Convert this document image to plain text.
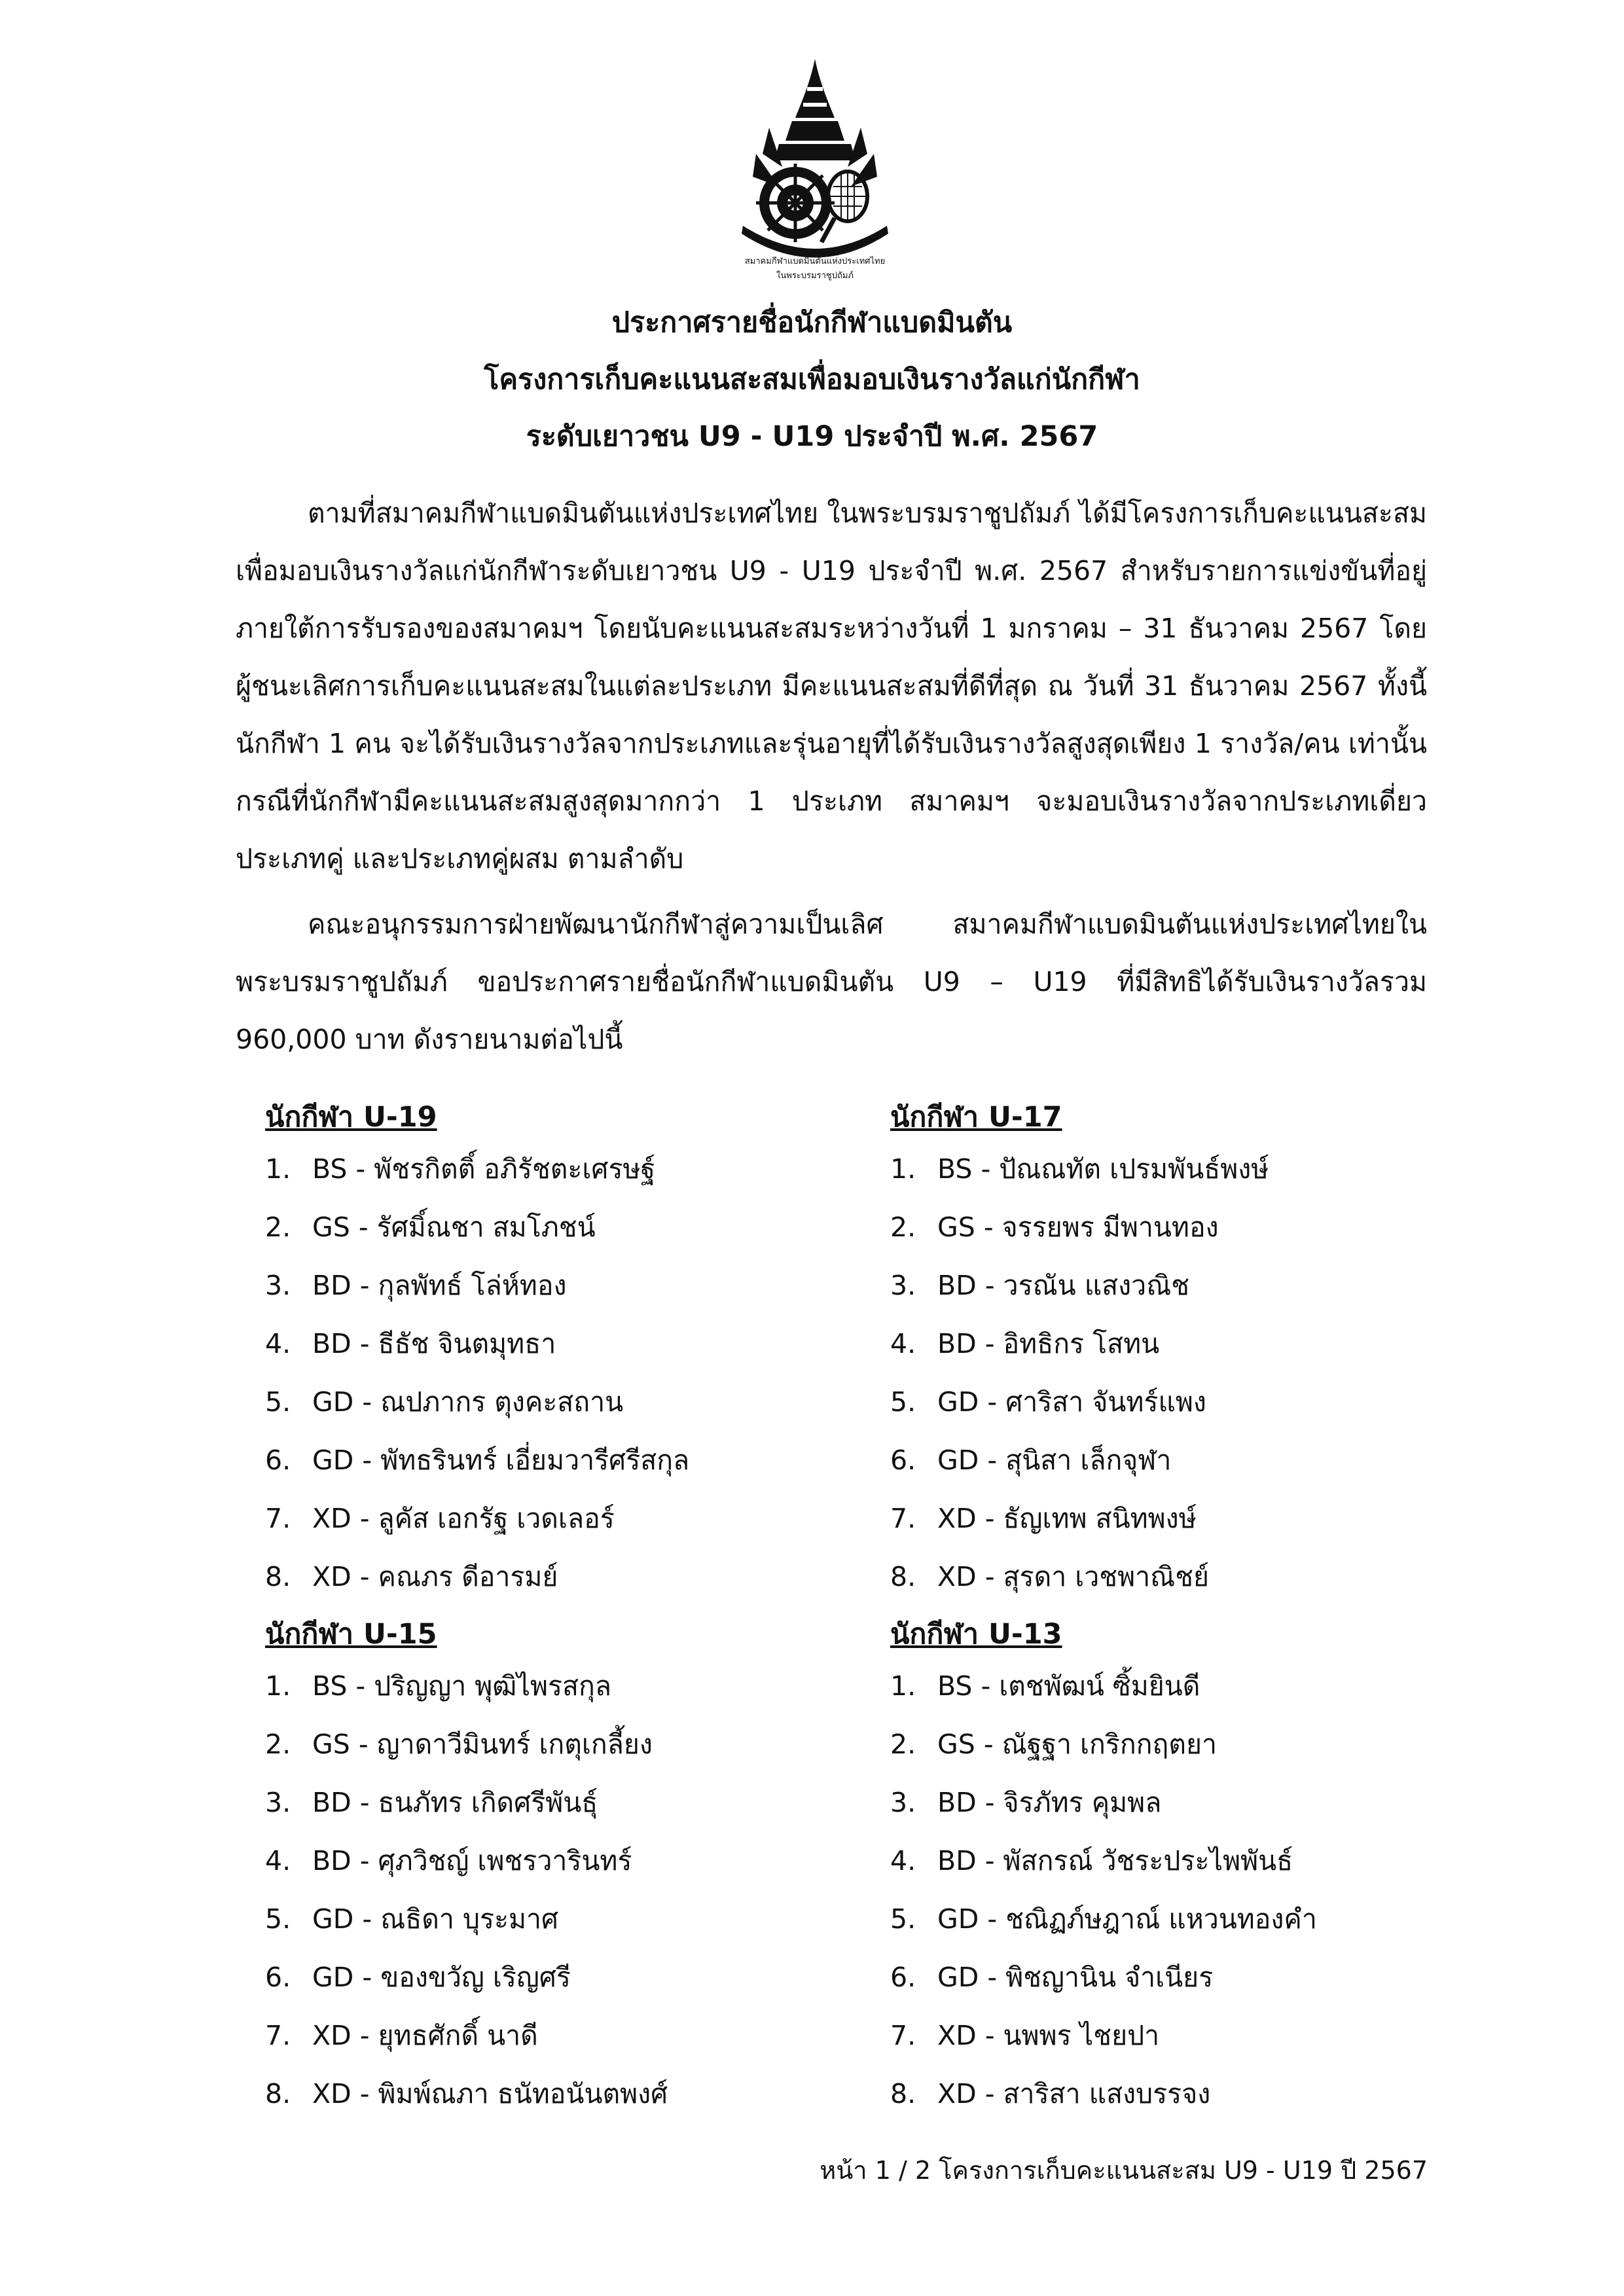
สมาคมกีฬาแบดมินตันแห่งประเทศไทย
ในพระบรมราชูปถัมภ์
ประกาศรายชื่อนักกีฬาแบดมินตัน
โครงการเก็บคะแนนสะสมเพื่อมอบเงินรางวัลแก่นักกีฬา
ระดับเยาวชน U9 - U19 ประจำปี พ.ศ. 2567

ตามที่สมาคมกีฬาแบดมินตันแห่งประเทศไทย ในพระบรมราชูปถัมภ์ ได้มีโครงการเก็บคะแนนสะสมเพื่อมอบเงินรางวัลแก่นักกีฬาระดับเยาวชน U9 - U19 ประจำปี พ.ศ. 2567 สำหรับรายการแข่งขันที่อยู่ภายใต้การรับรองของสมาคมฯ โดยนับคะแนนสะสมระหว่างวันที่ 1 มกราคม – 31 ธันวาคม 2567 โดย ผู้ชนะเลิศการเก็บคะแนนสะสมในแต่ละประเภท มีคะแนนสะสมที่ดีที่สุด ณ วันที่ 31 ธันวาคม 2567 ทั้งนี้ นักกีฬา 1 คน จะได้รับเงินรางวัลจากประเภทและรุ่นอายุที่ได้รับเงินรางวัลสูงสุดเพียง 1 รางวัล/คน เท่านั้น กรณีที่นักกีฬามีคะแนนสะสมสูงสุดมากกว่า 1 ประเภท สมาคมฯ จะมอบเงินรางวัลจากประเภทเดี่ยว ประเภทคู่ และประเภทคู่ผสม ตามลำดับ

คณะอนุกรรมการฝ่ายพัฒนานักกีฬาสู่ความเป็นเลิศ สมาคมกีฬาแบดมินตันแห่งประเทศไทยในพระบรมราชูปถัมภ์ ขอประกาศรายชื่อนักกีฬาแบดมินตัน U9 – U19 ที่มีสิทธิได้รับเงินรางวัลรวม 960,000 บาท ดังรายนามต่อไปนี้

นักกีฬา U-19
1. BS - พัชรกิตติ์ อภิรัชตะเศรษฐ์
2. GS - รัศมิ์ณชา สมโภชน์
3. BD - กุลพัทธ์ โล่ห์ทอง
4. BD - ธีธัช จินตมุทธา
5. GD - ณปภากร ตุงคะสถาน
6. GD - พัทธรินทร์ เอี่ยมวารีศรีสกุล
7. XD - ลูคัส เอกรัฐ เวดเลอร์
8. XD - คณภร ดีอารมย์
นักกีฬา U-17
1. BS - ปัณณทัต เปรมพันธ์พงษ์
2. GS - จรรยพร มีพานทอง
3. BD - วรณัน แสงวณิช
4. BD - อิทธิกร โสทน
5. GD - ศาริสา จันทร์แพง
6. GD - สุนิสา เล็กจุฬา
7. XD - ธัญเทพ สนิทพงษ์
8. XD - สุรดา เวชพาณิชย์
นักกีฬา U-15
1. BS - ปริญญา พุฒิไพรสกุล
2. GS - ญาดาวีมินทร์ เกตุเกลี้ยง
3. BD - ธนภัทร เกิดศรีพันธุ์
4. BD - ศุภวิชญ์ เพชรวารินทร์
5. GD - ณธิดา บุระมาศ
6. GD - ของขวัญ เริญศรี
7. XD - ยุทธศักดิ์ นาดี
8. XD - พิมพ์ณภา ธนัทอนันตพงศ์
นักกีฬา U-13
1. BS - เตชพัฒน์ ซิ้มยินดี
2. GS - ณัฐฐา เกริกกฤตยา
3. BD - จิรภัทร คุมพล
4. BD - พัสกรณ์ วัชระประไพพันธ์
5. GD - ชณิฏภ์ษฎาณ์ แหวนทองคำ
6. GD - พิชญานิน จำเนียร
7. XD - นพพร ไชยปา
8. XD - สาริสา แสงบรรจง
หน้า 1 / 2 โครงการเก็บคะแนนสะสม U9 - U19 ปี 2567
